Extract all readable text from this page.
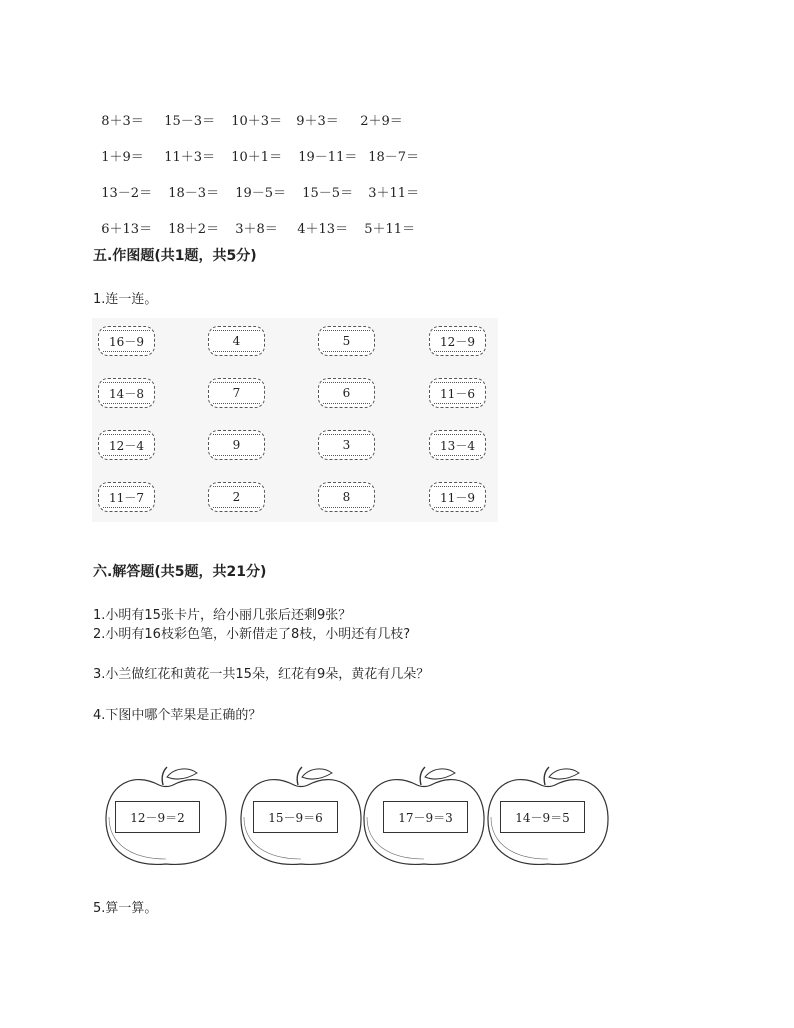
8＋3＝ 15－3＝ 10＋3＝ 9＋3＝ 2＋9＝

1＋9＝ 11＋3＝ 10＋1＝ 19－11＝ 18－7＝

13－2＝ 18－3＝ 19－5＝ 15－5＝ 3＋11＝

6＋13＝ 18＋2＝ 3＋8＝ 4＋13＝ 5＋11＝

五.作图题(共1题，共5分)
1.连一连。
16－9	4	5	12－9
14－8	7	6	11－6
12－4	9	3	13－4
11－7	2	8	11－9
六.解答题(共5题，共21分)
1.小明有15张卡片，给小丽几张后还剩9张？
2.小明有16枝彩色笔，小新借走了8枝，小明还有几枝?
3.小兰做红花和黄花一共15朵，红花有9朵，黄花有几朵？
4.下图中哪个苹果是正确的？
12－9＝2	15－9＝6	17－9＝3	14－9＝5
5.算一算。
